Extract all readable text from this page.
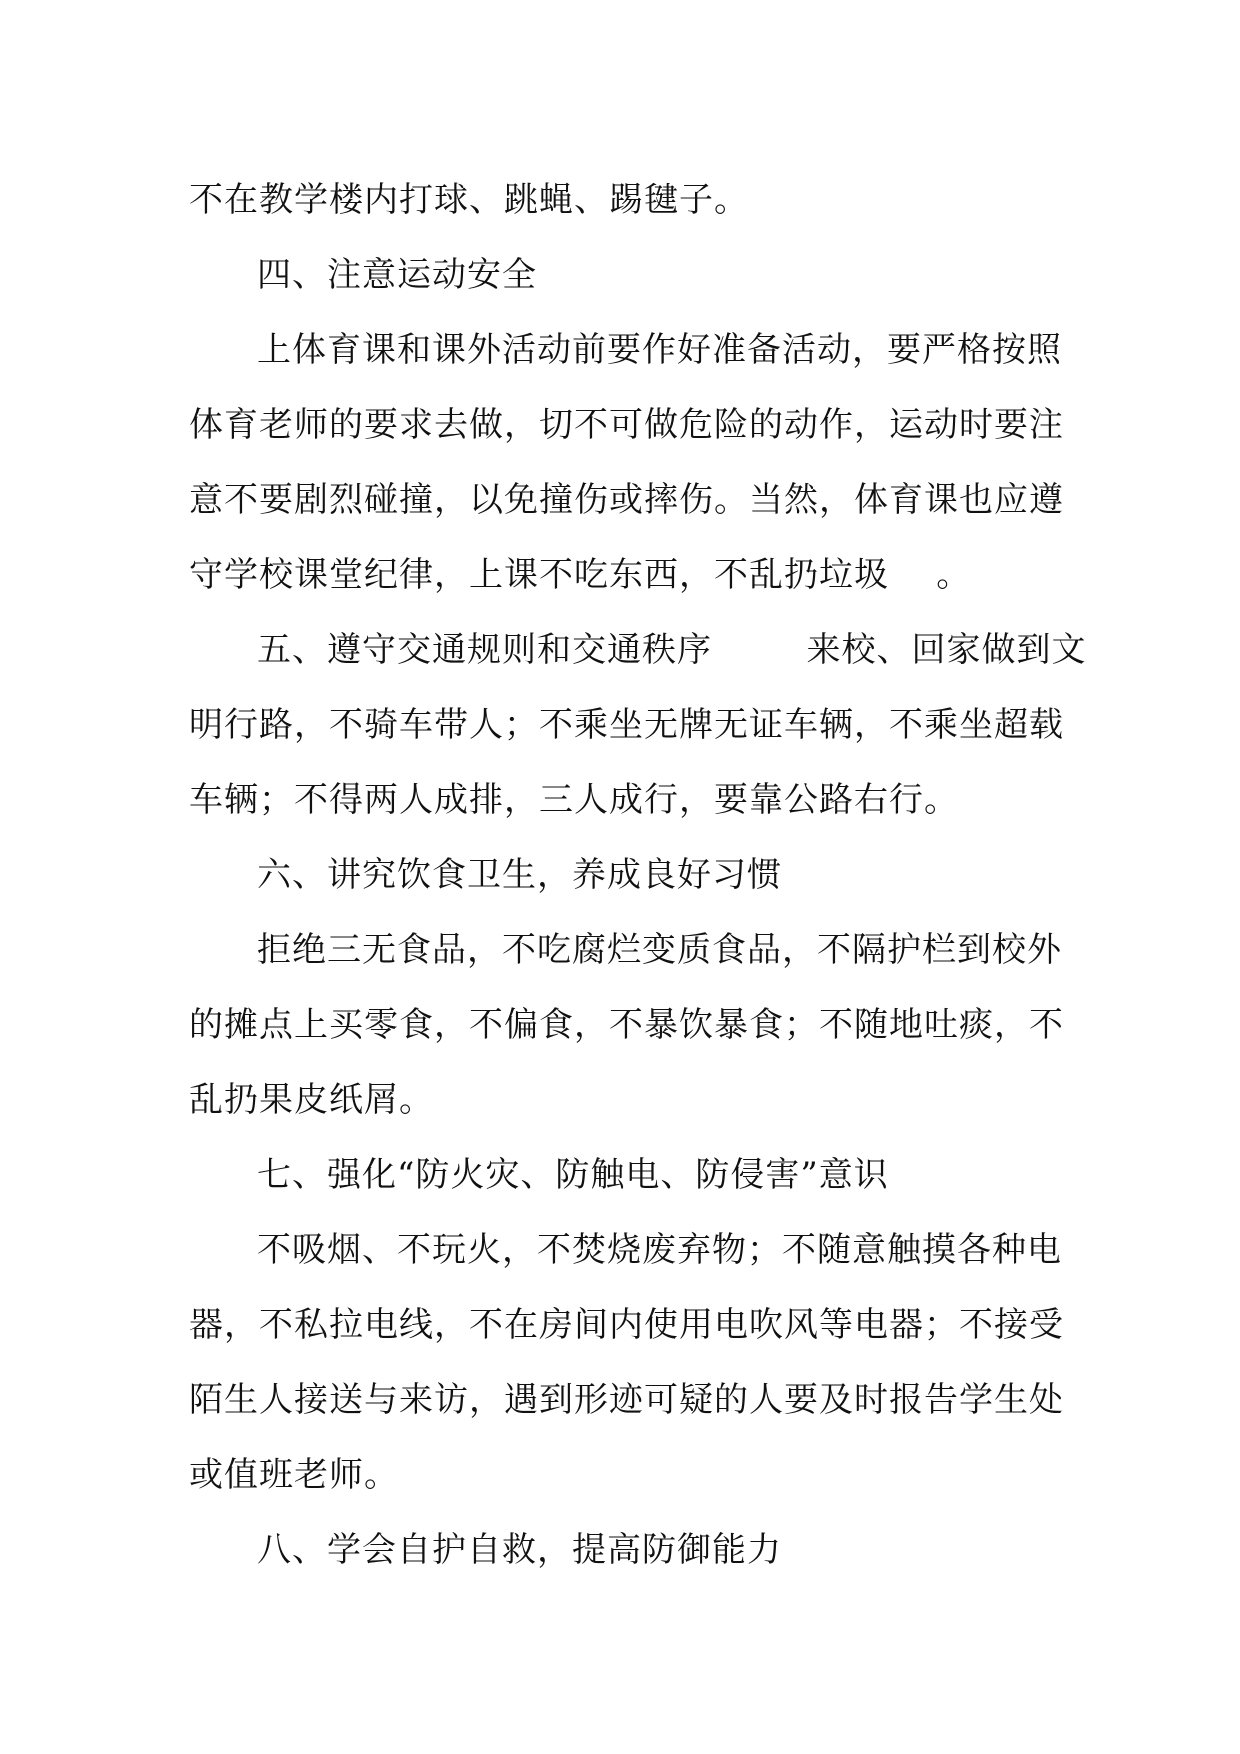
不在教学楼内打球、跳蝇、踢毽子。
四、注意运动安全
上体育课和课外活动前要作好准备活动，要严格按照
体育老师的要求去做，切不可做危险的动作，运动时要注
意不要剧烈碰撞，以免撞伤或摔伤。当然，体育课也应遵
守学校课堂纪律，上课不吃东西，不乱扔垃圾    。
五、遵守交通规则和交通秩序        来校、回家做到文
明行路，不骑车带人；不乘坐无牌无证车辆，不乘坐超载
车辆；不得两人成排，三人成行，要靠公路右行。
六、讲究饮食卫生，养成良好习惯
拒绝三无食品，不吃腐烂变质食品，不隔护栏到校外
的摊点上买零食，不偏食，不暴饮暴食；不随地吐痰，不
乱扔果皮纸屑。
七、强化“防火灾、防触电、防侵害”意识
不吸烟、不玩火，不焚烧废弃物；不随意触摸各种电
器，不私拉电线，不在房间内使用电吹风等电器；不接受
陌生人接送与来访，遇到形迹可疑的人要及时报告学生处
或值班老师。
八、学会自护自救，提高防御能力
